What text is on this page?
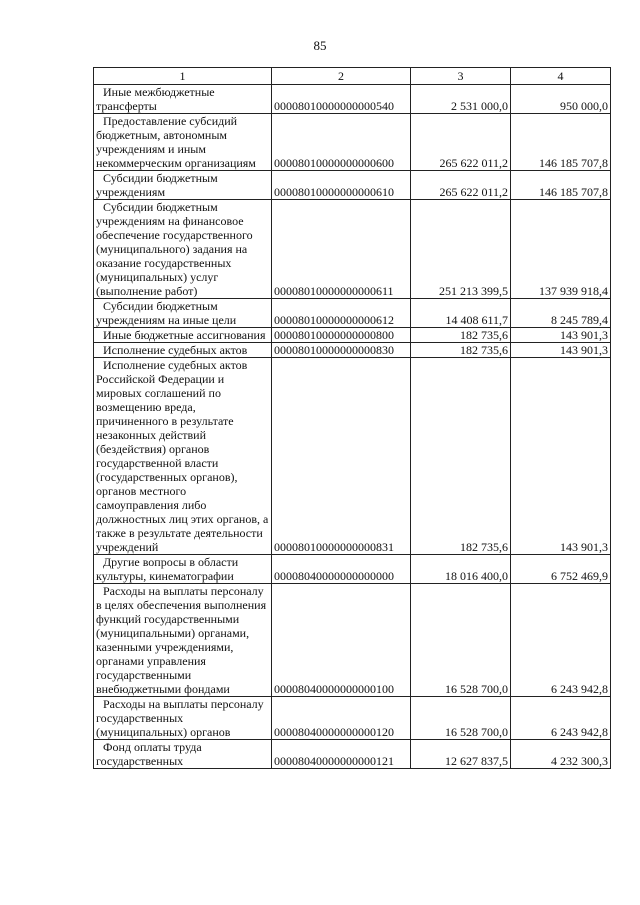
85
1	2	3	4
Иные межбюджетные трансферты	00008010000000000540	2 531 000,0	950 000,0
Предоставление субсидий бюджетным, автономным учреждениям и иным некоммерческим организациям	00008010000000000600	265 622 011,2	146 185 707,8
Субсидии бюджетным учреждениям	00008010000000000610	265 622 011,2	146 185 707,8
Субсидии бюджетным учреждениям на финансовое обеспечение государственного (муниципального) задания на оказание государственных (муниципальных) услуг (выполнение работ)	00008010000000000611	251 213 399,5	137 939 918,4
Субсидии бюджетным учреждениям на иные цели	00008010000000000612	14 408 611,7	8 245 789,4
Иные бюджетные ассигнования	00008010000000000800	182 735,6	143 901,3
Исполнение судебных актов	00008010000000000830	182 735,6	143 901,3
Исполнение судебных актов Российской Федерации и мировых соглашений по возмещению вреда, причиненного в результате незаконных действий (бездействия) органов государственной власти (государственных органов), органов местного самоуправления либо должностных лиц этих органов, а также в результате деятельности учреждений	00008010000000000831	182 735,6	143 901,3
Другие вопросы в области культуры, кинематографии	00008040000000000000	18 016 400,0	6 752 469,9
Расходы на выплаты персоналу в целях обеспечения выполнения функций государственными (муниципальными) органами, казенными учреждениями, органами управления государственными внебюджетными фондами	00008040000000000100	16 528 700,0	6 243 942,8
Расходы на выплаты персоналу государственных (муниципальных) органов	00008040000000000120	16 528 700,0	6 243 942,8
Фонд оплаты труда государственных	00008040000000000121	12 627 837,5	4 232 300,3
